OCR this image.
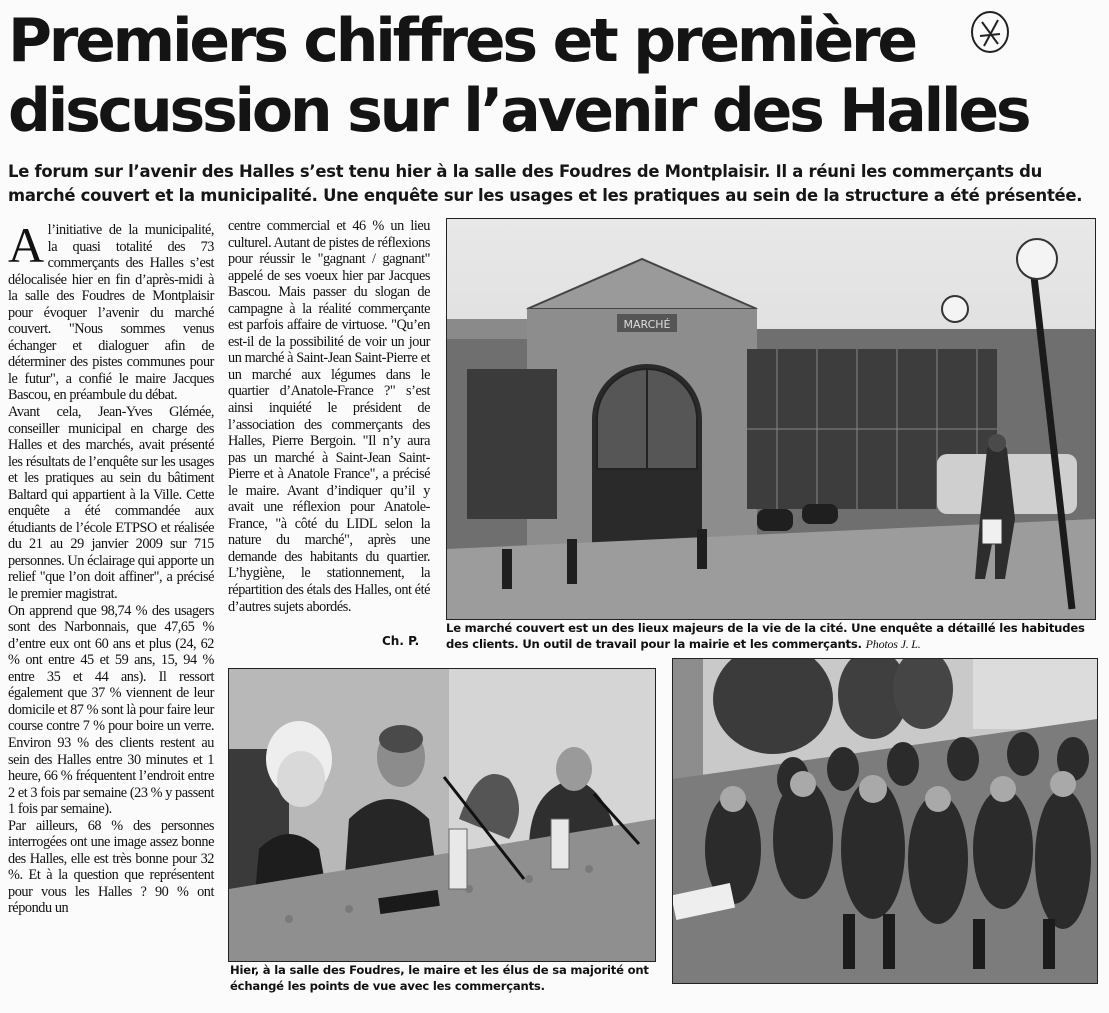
Premiers chiffres et première
discussion sur l’avenir des Halles

Le forum sur l’avenir des Halles s’est tenu hier à la salle des Foudres de Montplaisir. Il a réuni les commerçants du marché couvert et la municipalité. Une enquête sur les usages et les pratiques au sein de la structure a été présentée.

Al’initiative de la municipalité, la quasi totalité des 73 commerçants des Halles s’est délocalisée hier en fin d’après-midi à la salle des Foudres de Montplaisir pour évoquer l’avenir du marché couvert. "Nous sommes venus échanger et dialoguer afin de déterminer des pistes communes pour le futur", a confié le maire Jacques Bascou, en préambule du débat.

Avant cela, Jean-Yves Glémée, conseiller municipal en charge des Halles et des marchés, avait présenté les résultats de l’enquête sur les usages et les pratiques au sein du bâtiment Baltard qui appartient à la Ville. Cette enquête a été commandée aux étudiants de l’école ETPSO et réalisée du 21 au 29 janvier 2009 sur 715 personnes. Un éclairage qui apporte un relief "que l’on doit affiner", a précisé le premier magistrat.

On apprend que 98,74 % des usagers sont des Narbonnais, que 47,65 % d’entre eux ont 60 ans et plus (24, 62 % ont entre 45 et 59 ans, 15, 94 % entre 35 et 44 ans). Il ressort également que 37 % viennent de leur domicile et 87 % sont là pour faire leur course contre 7 % pour boire un verre. Environ 93 % des clients restent au sein des Halles entre 30 minutes et 1 heure, 66 % fréquentent l’endroit entre 2 et 3 fois par semaine (23 % y passent 1 fois par semaine).

Par ailleurs, 68 % des personnes interrogées ont une image assez bonne des Halles, elle est très bonne pour 32 %. Et à la question que représentent pour vous les Halles ? 90 % ont répondu un

centre commercial et 46 % un lieu culturel. Autant de pistes de réflexions pour réussir le "gagnant / gagnant" appelé de ses voeux hier par Jacques Bascou. Mais passer du slogan de campagne à la réalité commerçante est parfois affaire de virtuose. "Qu’en est-il de la possibilité de voir un jour un marché à Saint-Jean Saint-Pierre et un marché aux légumes dans le quartier d’Anatole-France ?" s’est ainsi inquiété le président de l’association des commerçants des Halles, Pierre Bergoin. "Il n’y aura pas un marché à Saint-Jean Saint-Pierre et à Anatole France", a précisé le maire. Avant d’indiquer qu’il y avait une réflexion pour Anatole-France, "à côté du LIDL selon la nature du marché", après une demande des habitants du quartier. L’hygiène, le stationnement, la répartition des étals des Halles, ont été d’autres sujets abordés.

Ch. P.
MARCHÉ
Le marché couvert est un des lieux majeurs de la vie de la cité. Une enquête a détaillé les habitudes des clients. Un outil de travail pour la mairie et les commerçants. Photos J. L.
Hier, à la salle des Foudres, le maire et les élus de sa majorité ont échangé les points de vue avec les commerçants.
